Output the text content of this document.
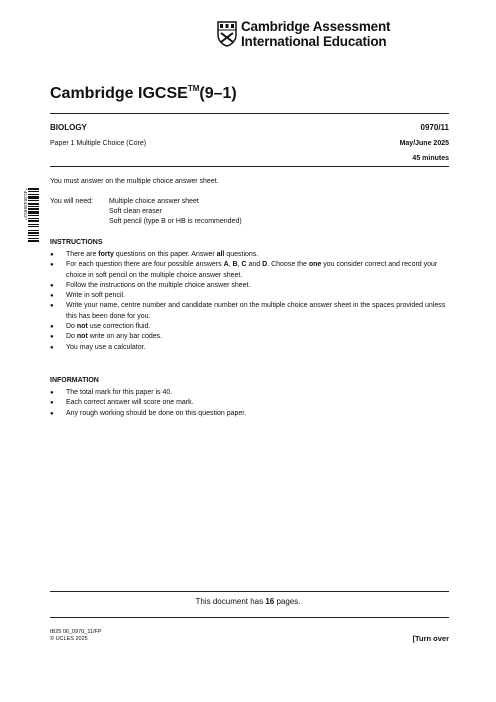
Cambridge Assessment
International Education
Cambridge IGCSE™(9–1)
BIOLOGY	0970/11
Paper 1 Multiple Choice (Core)	May/June 2025
45 minutes
*4138430653*
You must answer on the multiple choice answer sheet.
You will need: Multiple choice answer sheet
Soft clean eraser
Soft pencil (type B or HB is recommended)
INSTRUCTIONS
● There are forty questions on this paper. Answer all questions.
● For each question there are four possible answers A, B, C and D. Choose the one you consider correct and record your choice in soft pencil on the multiple choice answer sheet.
● Follow the instructions on the multiple choice answer sheet.
● Write in soft pencil.
● Write your name, centre number and candidate number on the multiple choice answer sheet in the spaces provided unless this has been done for you.
● Do not use correction fluid.
● Do not write on any bar codes.
● You may use a calculator.
INFORMATION
● The total mark for this paper is 40.
● Each correct answer will score one mark.
● Any rough working should be done on this question paper.
This document has 16 pages.
IB25 06_0970_11/FP
© UCLES 2025	[Turn over
